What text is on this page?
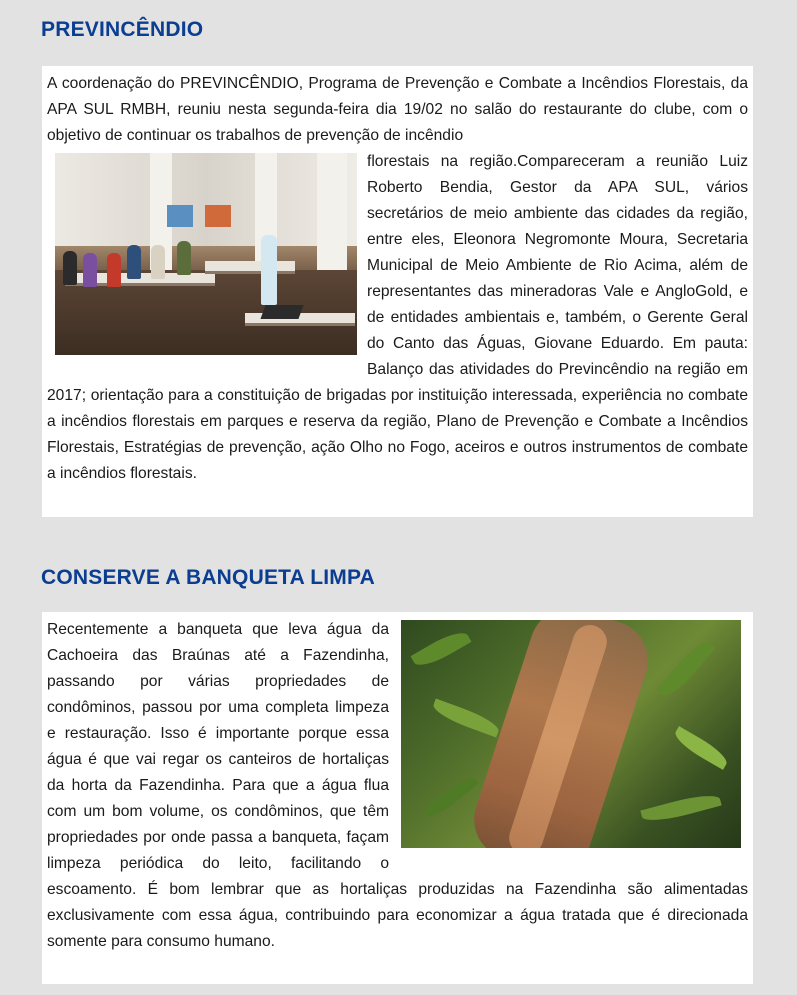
PREVINCÊNDIO

A coordenação do PREVINCÊNDIO, Programa de Prevenção e Combate a Incêndios Florestais, da APA SUL RMBH, reuniu nesta segunda-feira dia 19/02 no salão do restaurante do clube, com o objetivo de continuar os trabalhos de prevenção de incêndio

florestais na região.Compareceram a reunião Luiz Roberto Bendia, Gestor da APA SUL, vários secretários de meio ambiente das cidades da região, entre eles, Eleonora Negromonte Moura, Secretaria Municipal de Meio Ambiente de Rio Acima, além de representantes das mineradoras Vale e AngloGold, e de entidades ambientais e, também, o Gerente Geral do Canto das Águas, Giovane Eduardo. Em pauta: Balanço das atividades do Previncêndio na região em 2017; orientação para a constituição de brigadas por instituição interessada, experiência no combate a incêndios florestais em parques e reserva da região, Plano de Prevenção e Combate a Incêndios Florestais, Estratégias de prevenção, ação Olho no Fogo, aceiros e outros instrumentos de combate a incêndios florestais.

CONSERVE A BANQUETA LIMPA

Recentemente a banqueta que leva água da Cachoeira das Braúnas até a Fazendinha, passando por várias propriedades de condôminos, passou por uma completa limpeza e restauração. Isso é importante porque essa água é que vai regar os canteiros de hortaliças da horta da Fazendinha. Para que a água flua com um bom volume, os condôminos, que têm propriedades por onde passa a banqueta, façam limpeza periódica do leito, facilitando o escoamento. É bom lembrar que as hortaliças produzidas na Fazendinha são alimentadas exclusivamente com essa água, contribuindo para economizar a água tratada que é direcionada somente para consumo humano.
